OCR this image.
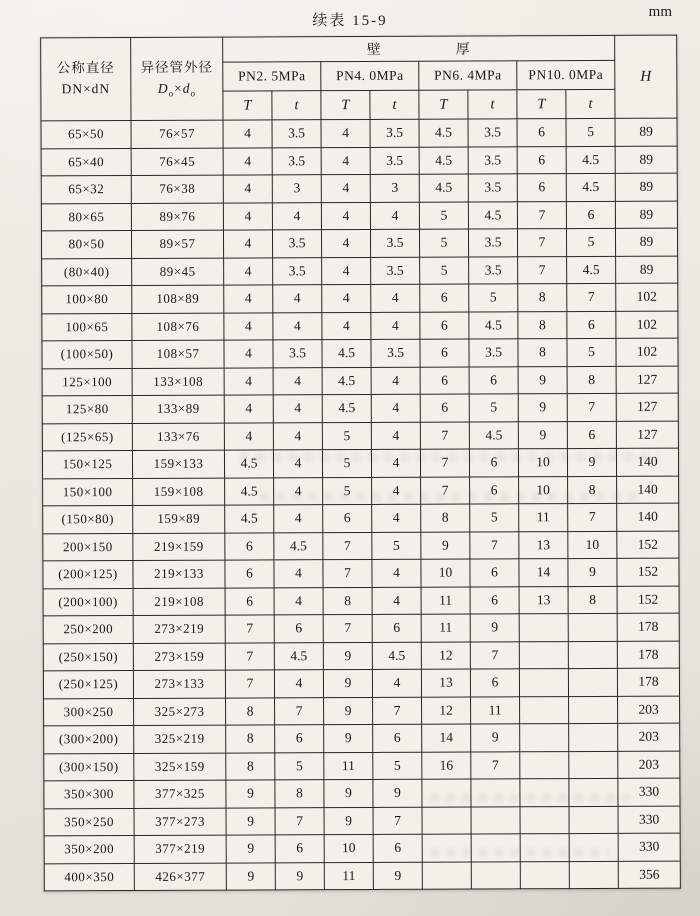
续表 15-9
mm
公称直径
DN×dN	异径管外径
$D_o\times d_o$	壁 厚								H
		PN2. 5MPa		PN4. 0MPa		PN6. 4MPa		PN10. 0MPa		
		T	t	T	t	T	t	T	t	
65×50	76×57	4	3.5	4	3.5	4.5	3.5	6	5	89
65×40	76×45	4	3.5	4	3.5	4.5	3.5	6	4.5	89
65×32	76×38	4	3	4	3	4.5	3.5	6	4.5	89
80×65	89×76	4	4	4	4	5	4.5	7	6	89
80×50	89×57	4	3.5	4	3.5	5	3.5	7	5	89
(80×40)	89×45	4	3.5	4	3.5	5	3.5	7	4.5	89
100×80	108×89	4	4	4	4	6	5	8	7	102
100×65	108×76	4	4	4	4	6	4.5	8	6	102
(100×50)	108×57	4	3.5	4.5	3.5	6	3.5	8	5	102
125×100	133×108	4	4	4.5	4	6	6	9	8	127
125×80	133×89	4	4	4.5	4	6	5	9	7	127
(125×65)	133×76	4	4	5	4	7	4.5	9	6	127
150×125	159×133	4.5	4	5	4	7	6	10	9	140
150×100	159×108	4.5	4	5	4	7	6	10	8	140
(150×80)	159×89	4.5	4	6	4	8	5	11	7	140
200×150	219×159	6	4.5	7	5	9	7	13	10	152
(200×125)	219×133	6	4	7	4	10	6	14	9	152
(200×100)	219×108	6	4	8	4	11	6	13	8	152
250×200	273×219	7	6	7	6	11	9			178
(250×150)	273×159	7	4.5	9	4.5	12	7			178
(250×125)	273×133	7	4	9	4	13	6			178
300×250	325×273	8	7	9	7	12	11			203
(300×200)	325×219	8	6	9	6	14	9			203
(300×150)	325×159	8	5	11	5	16	7			203
350×300	377×325	9	8	9	9					330
350×250	377×273	9	7	9	7					330
350×200	377×219	9	6	10	6					330
400×350	426×377	9	9	11	9					356
